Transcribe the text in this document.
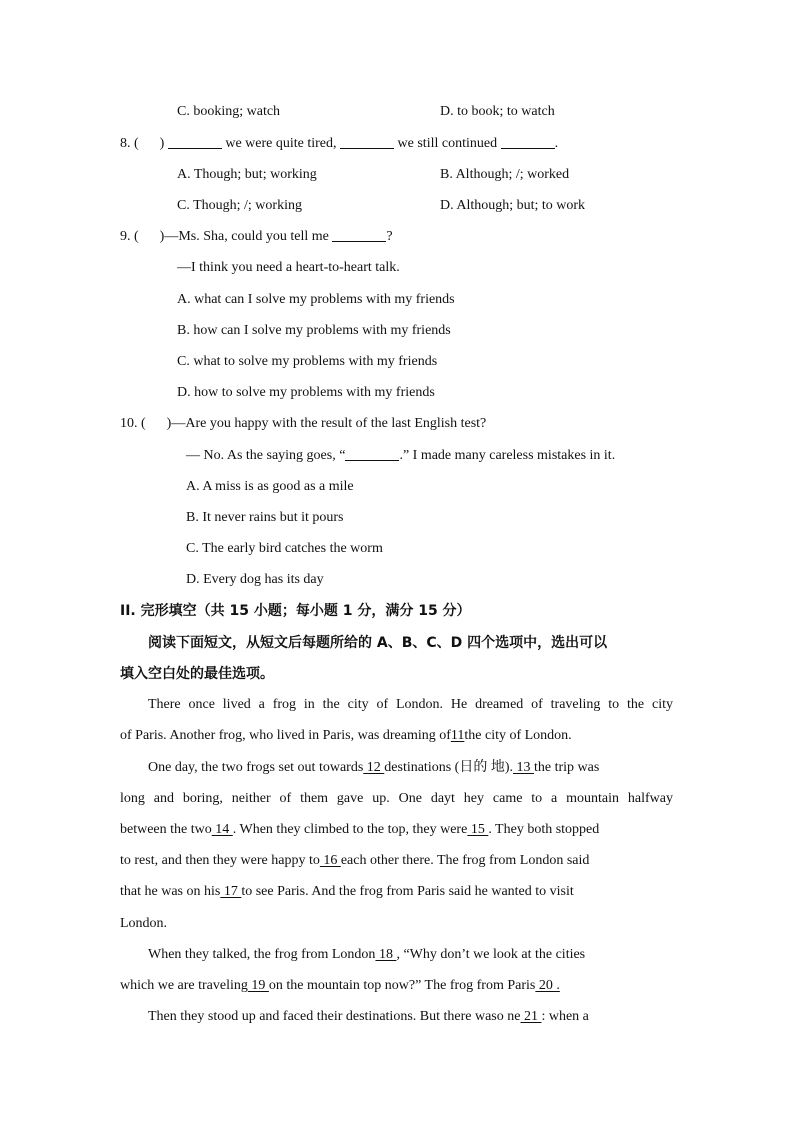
C. booking; watch	D. to book; to watch
8. ( )	we were quite tired,	we still continued	.
A. Though; but; working	B. Although; /; worked
C. Though; /; working	D. Although; but; to work
9. ( )—Ms. Sha, could you tell me	?
—I think you need a heart-to-heart talk.
A. what can I solve my problems with my friends
B. how can I solve my problems with my friends
C. what to solve my problems with my friends
D. how to solve my problems with my friends
10. ( )—Are you happy with the result of the last English test?
— No. As the saying goes, “	.” I made many careless mistakes in it.
A. A miss is as good as a mile
B. It never rains but it pours
C. The early bird catches the worm
D. Every dog has its day
II. 完形填空（共 15 小题；每小题 1 分，满分 15 分）
阅读下面短文，从短文后每题所给的 A、B、C、D 四个选项中，选出可以
填入空白处的最佳选项。
There once lived a frog in the city of London. He dreamed of traveling to the city
of Paris. Another frog, who lived in Paris, was dreaming of11the city of London.
One day, the two frogs set out towards 12 destinations (日的 地). 13 the trip was
long and boring, neither of them gave up. One dayt hey came to a mountain halfway
between the two 14 . When they climbed to the top, they were 15 . They both stopped
to rest, and then they were happy to 16 each other there. The frog from London said
that he was on his 17 to see Paris. And the frog from Paris said he wanted to visit
London.
When they talked, the frog from London 18 , “Why don’t we look at the cities
which we are traveling 19 on the mountain top now?” The frog from Paris 20 .
Then they stood up and faced their destinations. But there waso ne 21 : when a
